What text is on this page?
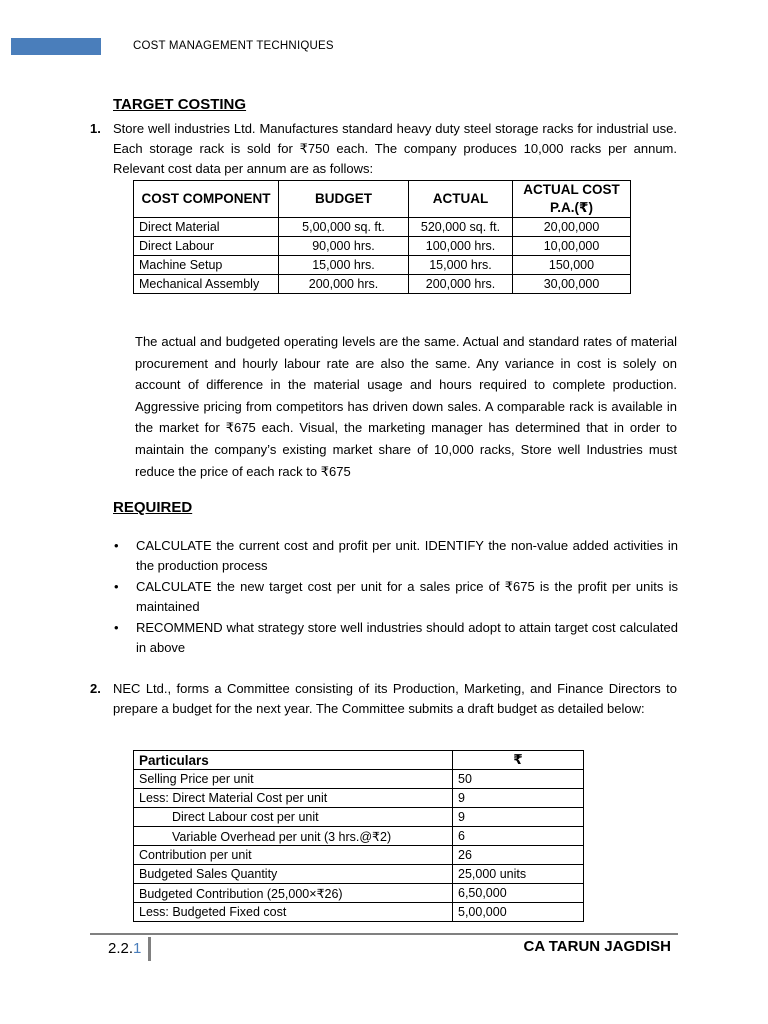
COST MANAGEMENT TECHNIQUES
TARGET COSTING
1. Store well industries Ltd. Manufactures standard heavy duty steel storage racks for industrial use. Each storage rack is sold for ₹750 each. The company produces 10,000 racks per annum. Relevant cost data per annum are as follows:
COST COMPONENT	BUDGET	ACTUAL	ACTUAL COST P.A.(₹)
Direct Material	5,00,000 sq. ft.	520,000 sq. ft.	20,00,000
Direct Labour	90,000 hrs.	100,000 hrs.	10,00,000
Machine Setup	15,000 hrs.	15,000 hrs.	150,000
Mechanical Assembly	200,000 hrs.	200,000 hrs.	30,00,000
The actual and budgeted operating levels are the same. Actual and standard rates of material procurement and hourly labour rate are also the same. Any variance in cost is solely on account of difference in the material usage and hours required to complete production. Aggressive pricing from competitors has driven down sales. A comparable rack is available in the market for ₹675 each. Visual, the marketing manager has determined that in order to maintain the company’s existing market share of 10,000 racks, Store well Industries must reduce the price of each rack to ₹675
REQUIRED
•	CALCULATE the current cost and profit per unit. IDENTIFY the non-value added activities in the production process
•	CALCULATE the new target cost per unit for a sales price of ₹675 is the profit per units is maintained
•	RECOMMEND what strategy store well industries should adopt to attain target cost calculated in above
2. NEC Ltd., forms a Committee consisting of its Production, Marketing, and Finance Directors to prepare a budget for the next year. The Committee submits a draft budget as detailed below:
Particulars	₹
Selling Price per unit	50
Less: Direct Material Cost per unit	9
Direct Labour cost per unit	9
Variable Overhead per unit (3 hrs.@₹2)	6
Contribution per unit	26
Budgeted Sales Quantity	25,000 units
Budgeted Contribution (25,000×₹26)	6,50,000
Less: Budgeted Fixed cost	5,00,000
2.2.1	CA TARUN JAGDISH
